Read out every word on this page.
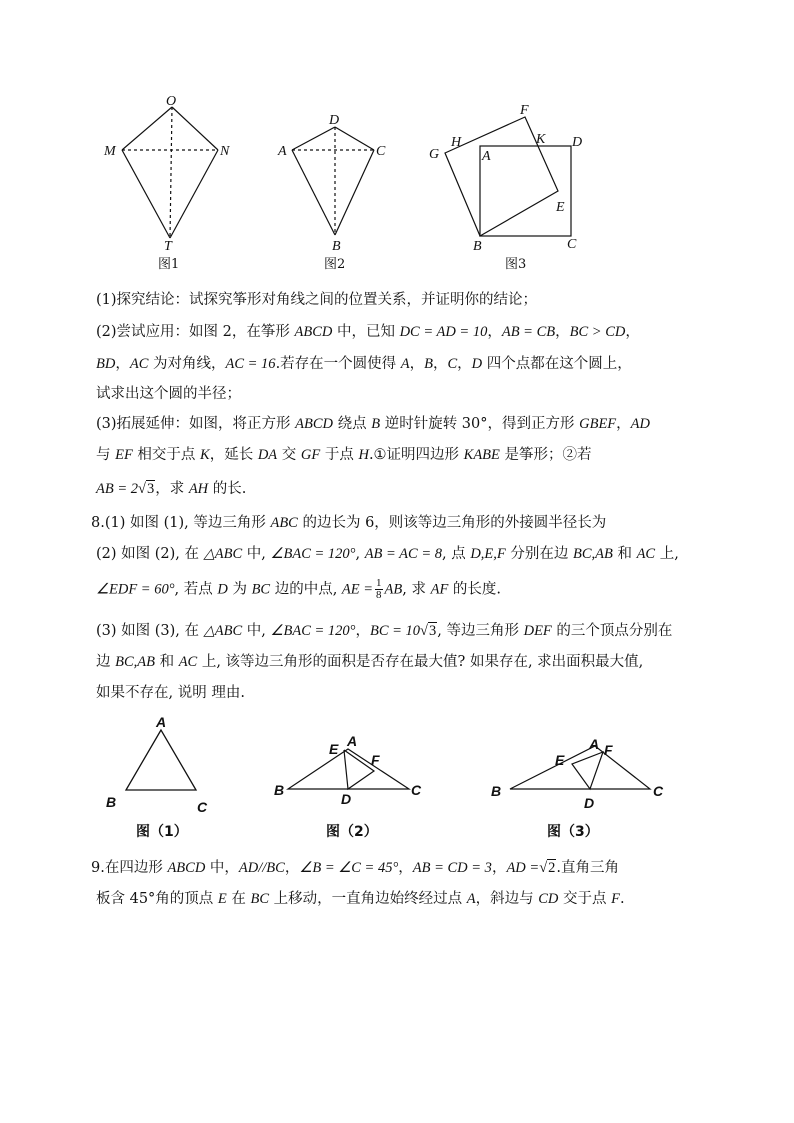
O
M	N
T
图1
D
A	C
B
图2
F
H	K D
G	A
E
B	C
图3
(1)探究结论：试探究筝形对角线之间的位置关系，并证明你的结论；
(2)尝试应用：如图 2，在筝形 ABCD 中，已知 DC = AD = 10，AB = CB，BC > CD，
BD，AC 为对角线，AC = 16.若存在一个圆使得 A，B，C，D 四个点都在这个圆上，
试求出这个圆的半径；
(3)拓展延伸：如图，将正方形 ABCD 绕点 B 逆时针旋转 30°，得到正方形 GBEF，AD
与 EF 相交于点 K，延长 DA 交 GF 于点 H.①证明四边形 KABE 是筝形；②若
AB = 2√3，求 AH 的长.
8.(1) 如图 (1), 等边三角形 ABC 的边长为 6，则该等边三角形的外接圆半径长为
(2) 如图 (2), 在 △ABC 中, ∠BAC = 120°, AB = AC = 8, 点 D,E,F 分别在边 BC,AB 和 AC 上,
∠EDF = 60°, 若点 D 为 BC 边的中点, AE = $\frac{1}{8}$ AB, 求 AF 的长度.
(3) 如图 (3), 在 △ABC 中, ∠BAC = 120°，BC = 10√3, 等边三角形 DEF 的三个顶点分别在
边 BC,AB 和 AC 上, 该等边三角形的面积是否存在最大值? 如果存在, 求出面积最大值,
如果不存在, 说明 理由.
A
B	C
图（1）
E A
F
B
D
C
图（2）
E
A F
B
D
C
图（3）
9.在四边形 ABCD 中，AD//BC，∠B = ∠C = 45°，AB = CD = 3，AD =√2.直角三角
板含 45°角的顶点 E 在 BC 上移动，一直角边始终经过点 A，斜边与 CD 交于点 F.
